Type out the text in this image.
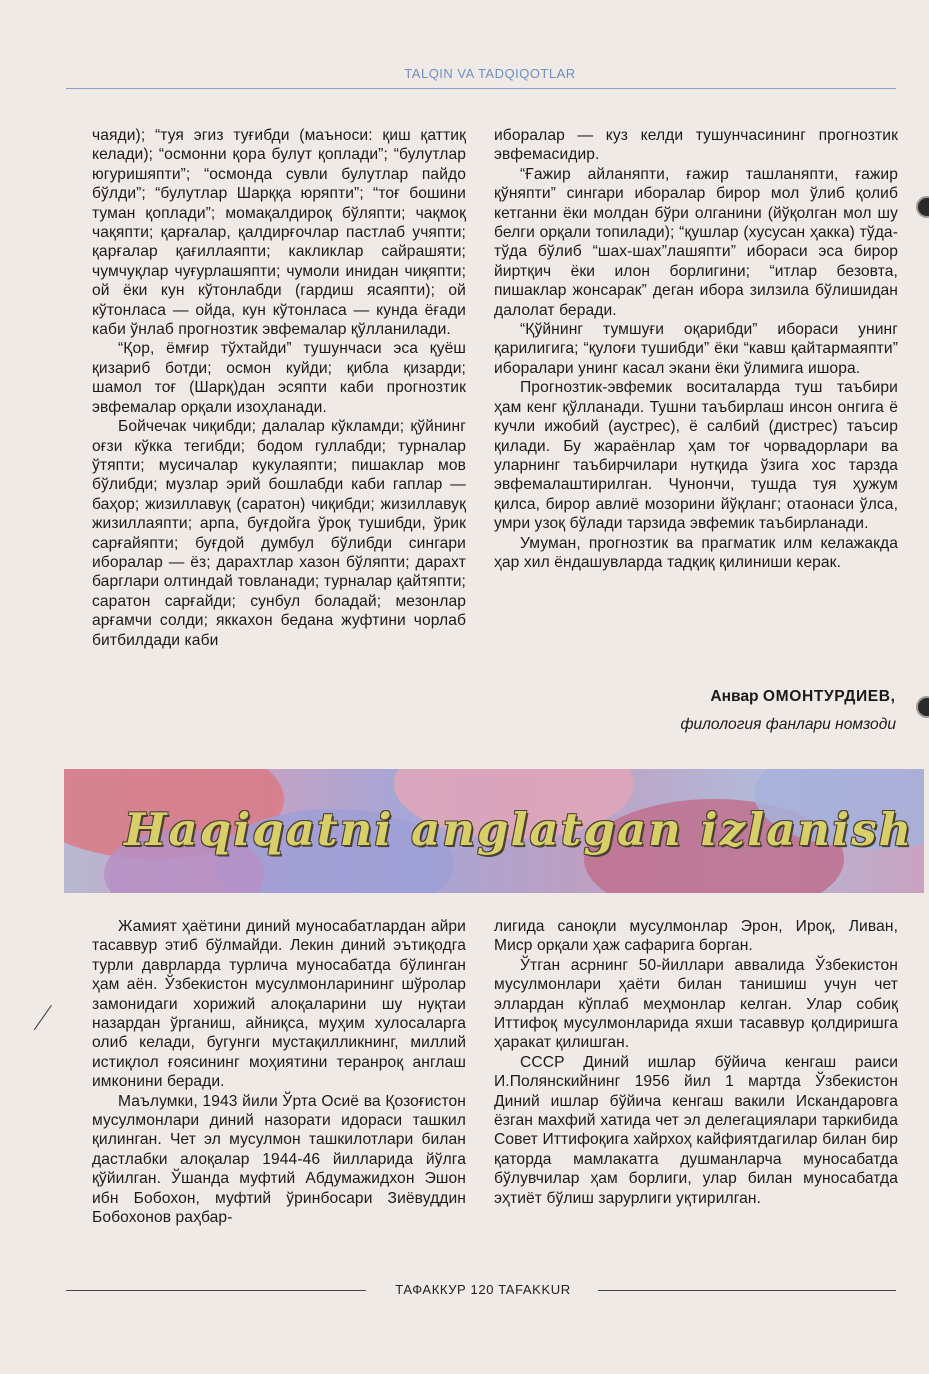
TALQIN VA TADQIQOTLAR

чаяди); “туя эгиз туғибди (маъноси: қиш қаттиқ келади); “осмонни қора булут қоплади”; “булутлар югуришяпти”; “осмонда сувли булутлар пайдо бўлди”; “булутлар Шарққа юряпти”; “тоғ бошини туман қоплади”; момақалдироқ бўляпти; чақмоқ чақяпти; қарғалар, қалдирғочлар пастлаб учяпти; қарғалар қағиллаяпти; какликлар сайрашяти; чумчуқлар чуғурлашяпти; чумоли инидан чиқяпти; ой ёки кун кўтонлабди (гардиш ясаяпти); ой кўтонласа — ойда, кун кўтонласа — кунда ёғади каби ўнлаб прогнозтик эвфемалар қўлланилади.

“Қор, ёмғир тўхтайди” тушунчаси эса қуёш қизариб ботди; осмон куйди; қибла қизарди; шамол тоғ (Шарқ)дан эсяпти каби прогнозтик эвфемалар орқали изоҳланади.

Бойчечак чиқибди; далалар кўкламди; қўйнинг оғзи кўкка тегибди; бодом гуллабди; турналар ўтяпти; мусичалар кукулаяпти; пишаклар мов бўлибди; музлар эрий бошлабди каби гаплар — баҳор; жизиллавуқ (саратон) чиқибди; жизиллавуқ жизиллаяпти; арпа, буғдойга ўроқ тушибди, ўрик сарғайяпти; буғдой думбул бўлибди сингари иборалар — ёз; дарахтлар хазон бўляпти; дарахт барглари олтиндай товланади; турналар қайтяпти; саратон сарғайди; сунбул боладай; мезонлар арғамчи солди; яккахон бедана жуфтини чорлаб битбилдади каби

иборалар — куз келди тушунчасининг прогнозтик эвфемасидир.

“Ғажир айланяпти, ғажир ташланяпти, ғажир қўняпти” сингари иборалар бирор мол ўлиб қолиб кетганни ёки молдан бўри олганини (йўқолган мол шу белги орқали топилади); “қушлар (хусусан ҳакка) тўда-тўда бўлиб “шах-шах”лашяпти” ибораси эса бирор йиртқич ёки илон борлигини; “итлар безовта, пишаклар жонсарак” деган ибора зилзила бўлишидан далолат беради.

“Қўйнинг тумшуғи оқарибди” ибораси унинг қарилигига; “қулоғи тушибди” ёки “кавш қайтармаяпти” иборалари унинг касал экани ёки ўлимига ишора.

Прогнозтик-эвфемик воситаларда туш таъбири ҳам кенг қўлланади. Тушни таъбирлаш инсон онгига ё кучли ижобий (аустрес), ё салбий (дистрес) таъсир қилади. Бу жараёнлар ҳам тоғ чорвадорлари ва уларнинг таъбирчилари нутқида ўзига хос тарзда эвфемалаштирилган. Чунончи, тушда туя ҳужум қилса, бирор авлиё мозорини йўқланг; отаонаси ўлса, умри узоқ бўлади тарзида эвфемик таъбирланади.

Умуман, прогнозтик ва прагматик илм келажакда ҳар хил ёндашувларда тадқиқ қилиниши керак.

Анвар ОМОНТУРДИЕВ,
филология фанлари номзоди
Haqiqatni anglatgan izlanish

Жамият ҳаётини диний муносабатлардан айри тасаввур этиб бўлмайди. Лекин диний эътиқодга турли даврларда турлича муносабатда бўлинган ҳам аён. Ўзбекистон мусулмонларининг шўролар замонидаги хорижий алоқаларини шу нуқтаи назардан ўрганиш, айниқса, муҳим хулосаларга олиб келади, бугунги мустақилликнинг, миллий истиқлол ғоясининг моҳиятини теранроқ англаш имконини беради.

Маълумки, 1943 йили Ўрта Осиё ва Қозоғистон мусулмонлари диний назорати идораси ташкил қилинган. Чет эл мусулмон ташкилотлари билан дастлабки алоқалар 1944-46 йилларида йўлга қўйилган. Ўшанда муфтий Абдумажидхон Эшон ибн Бобохон, муфтий ўринбосари Зиёвуддин Бобохонов раҳбар-

лигида саноқли мусулмонлар Эрон, Ироқ, Ливан, Миср орқали ҳаж сафарига борган.

Ўтган асрнинг 50-йиллари аввалида Ўзбекистон мусулмонлари ҳаёти билан танишиш учун чет эллардан кўплаб меҳмонлар келган. Улар собиқ Иттифоқ мусулмонларида яхши тасаввур қолдиришга ҳаракат қилишган.

СССР Диний ишлар бўйича кенгаш раиси И.Полянскийнинг 1956 йил 1 мартда Ўзбекистон Диний ишлар бўйича кенгаш вакили Искандаровга ёзган махфий хатида чет эл делегациялари таркибида Совет Иттифоқига хайрхоҳ кайфиятдагилар билан бир қаторда мамлакатга душманларча муносабатда бўлувчилар ҳам борлиги, улар билан муносабатда эҳтиёт бўлиш зарурлиги уқтирилган.

ТАФАККУР 120 TAFAKKUR
